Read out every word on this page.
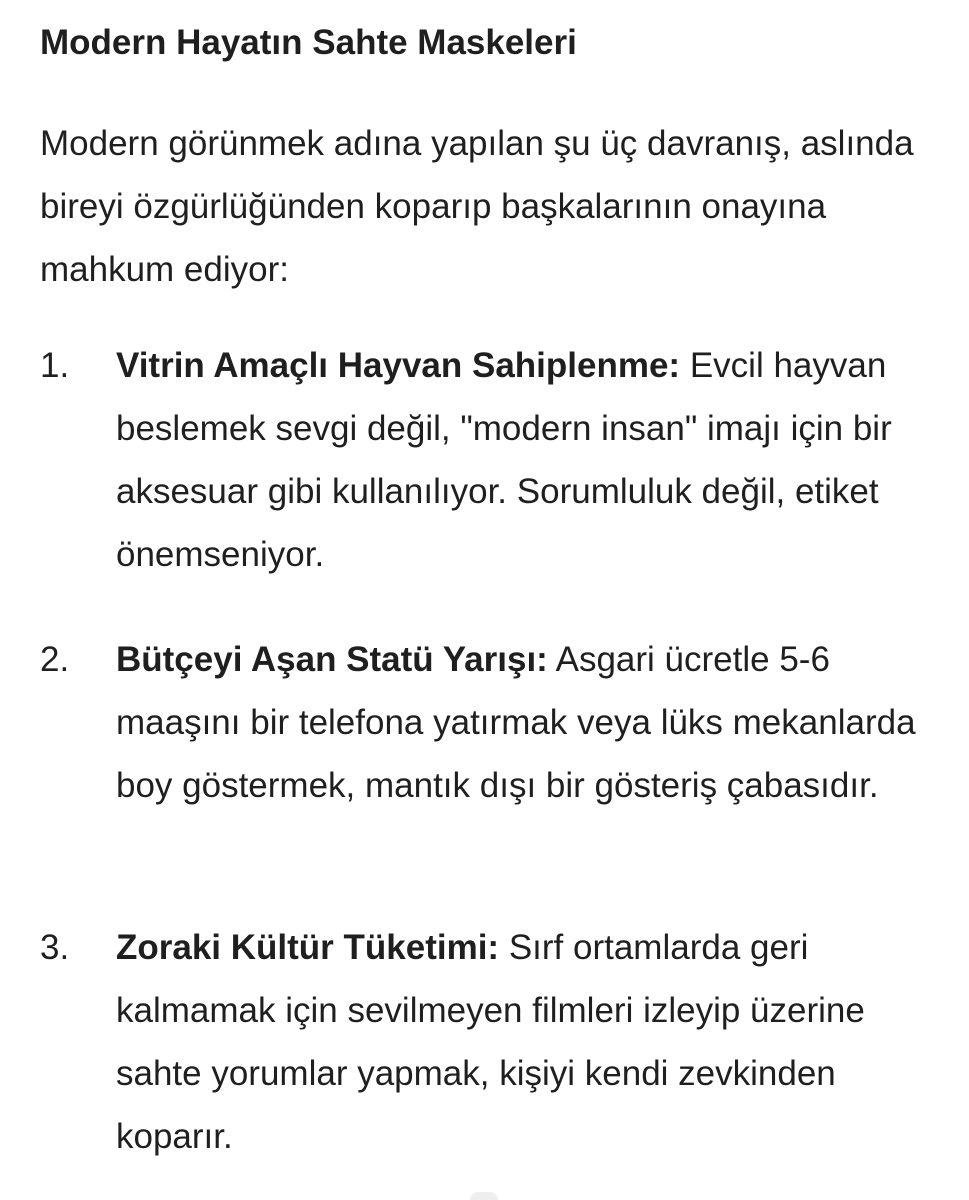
Modern Hayatın Sahte Maskeleri

Modern görünmek adına yapılan şu üç davranış, aslında bireyi özgürlüğünden koparıp başkalarının onayına mahkum ediyor:

1. Vitrin Amaçlı Hayvan Sahiplenme: Evcil hayvan beslemek sevgi değil, "modern insan" imajı için bir aksesuar gibi kullanılıyor. Sorumluluk değil, etiket önemseniyor.
2. Bütçeyi Aşan Statü Yarışı: Asgari ücretle 5-6 maaşını bir telefona yatırmak veya lüks mekanlarda boy göstermek, mantık dışı bir gösteriş çabasıdır.
3. Zoraki Kültür Tüketimi: Sırf ortamlarda geri kalmamak için sevilmeyen filmleri izleyip üzerine sahte yorumlar yapmak, kişiyi kendi zevkinden koparır.
